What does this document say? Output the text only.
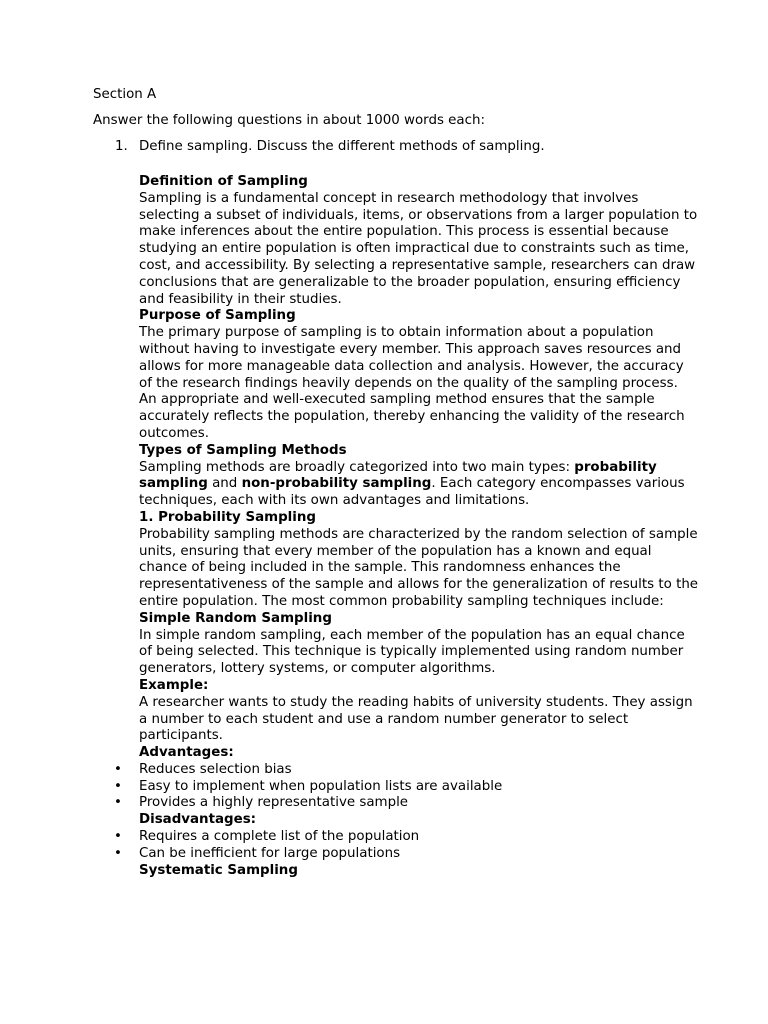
Section A
Answer the following questions in about 1000 words each:
1. Define sampling. Discuss the different methods of sampling.

Definition of Sampling

Sampling is a fundamental concept in research methodology that involves selecting a subset of individuals, items, or observations from a larger population to make inferences about the entire population. This process is essential because studying an entire population is often impractical due to constraints such as time, cost, and accessibility. By selecting a representative sample, researchers can draw conclusions that are generalizable to the broader population, ensuring efficiency and feasibility in their studies.

Purpose of Sampling

The primary purpose of sampling is to obtain information about a population without having to investigate every member. This approach saves resources and allows for more manageable data collection and analysis. However, the accuracy of the research findings heavily depends on the quality of the sampling process. An appropriate and well-executed sampling method ensures that the sample accurately reflects the population, thereby enhancing the validity of the research outcomes.

Types of Sampling Methods

Sampling methods are broadly categorized into two main types: probability sampling and non-probability sampling. Each category encompasses various techniques, each with its own advantages and limitations.

1. Probability Sampling

Probability sampling methods are characterized by the random selection of sample units, ensuring that every member of the population has a known and equal chance of being included in the sample. This randomness enhances the representativeness of the sample and allows for the generalization of results to the entire population. The most common probability sampling techniques include:

Simple Random Sampling

In simple random sampling, each member of the population has an equal chance of being selected. This technique is typically implemented using random number generators, lottery systems, or computer algorithms.

Example:

A researcher wants to study the reading habits of university students. They assign a number to each student and use a random number generator to select participants.

Advantages:

• Reduces selection bias
• Easy to implement when population lists are available
• Provides a highly representative sample

Disadvantages:

• Requires a complete list of the population
• Can be inefficient for large populations

Systematic Sampling
